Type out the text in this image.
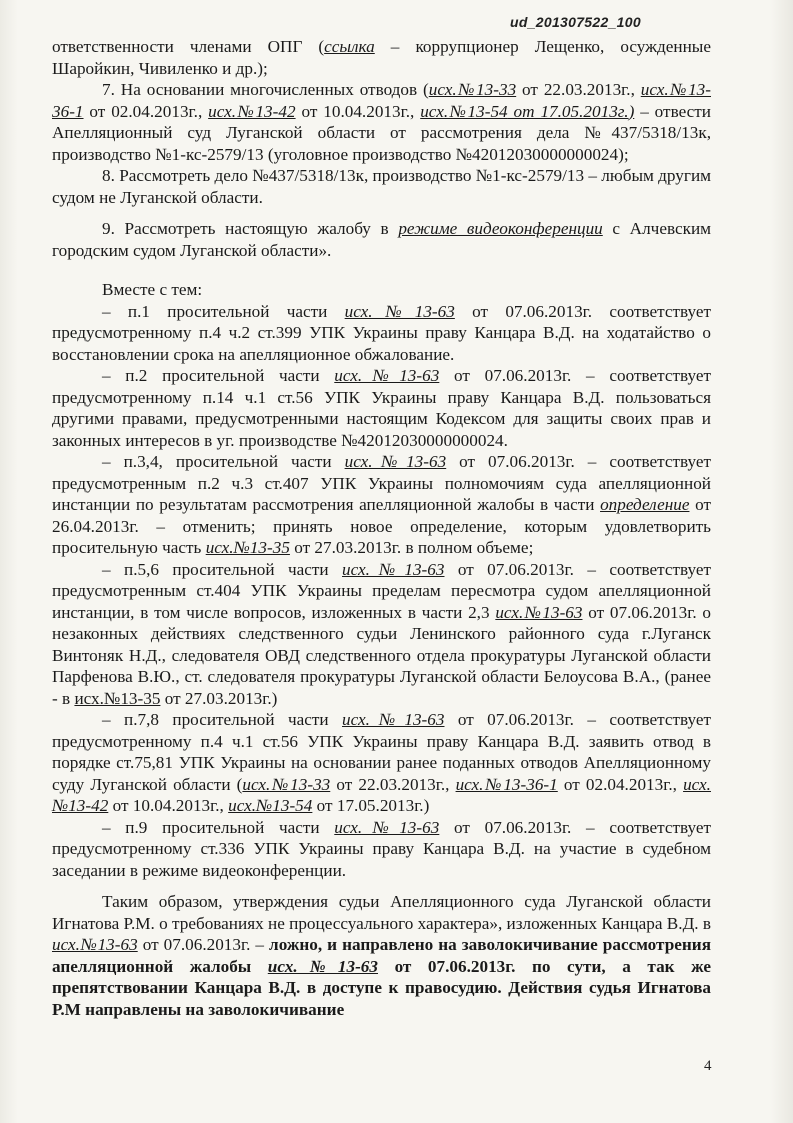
ud_201307522_100

ответственности членами ОПГ (ссылка – коррупционер Лещенко, осужденные Шаройкин, Чивиленко и др.);

7. На основании многочисленных отводов (исх.№13-33 от 22.03.2013г., исх.№13-36-1 от 02.04.2013г., исх.№13-42 от 10.04.2013г., исх.№13-54 от 17.05.2013г.) – отвести Апелляционный суд Луганской области от рассмотрения дела №437/5318/13к, производство №1-кс-2579/13 (уголовное производство №42012030000000024);

8. Рассмотреть дело №437/5318/13к, производство №1-кс-2579/13 – любым другим судом не Луганской области.

9. Рассмотреть настоящую жалобу в режиме видеоконференции с Алчевским городским судом Луганской области».

Вместе с тем:

– п.1 просительной части исх.№13-63 от 07.06.2013г. соответствует предусмотренному п.4 ч.2 ст.399 УПК Украины праву Канцара В.Д. на ходатайство о восстановлении срока на апелляционное обжалование.

– п.2 просительной части исх.№13-63 от 07.06.2013г. – соответствует предусмотренному п.14 ч.1 ст.56 УПК Украины праву Канцара В.Д. пользоваться другими правами, предусмотренными настоящим Кодексом для защиты своих прав и законных интересов в уг. производстве №42012030000000024.

– п.3,4, просительной части исх.№13-63 от 07.06.2013г. – соответствует предусмотренным п.2 ч.3 ст.407 УПК Украины полномочиям суда апелляционной инстанции по результатам рассмотрения апелляционной жалобы в части определение от 26.04.2013г. – отменить; принять новое определение, которым удовлетворить просительную часть исх.№13-35 от 27.03.2013г. в полном объеме;

– п.5,6 просительной части исх.№13-63 от 07.06.2013г. – соответствует предусмотренным ст.404 УПК Украины пределам пересмотра судом апелляционной инстанции, в том числе вопросов, изложенных в части 2,3 исх.№13-63 от 07.06.2013г. о незаконных действиях следственного судьи Ленинского районного суда г.Луганск Винтоняк Н.Д., следователя ОВД следственного отдела прокуратуры Луганской области Парфенова В.Ю., ст. следователя прокуратуры Луганской области Белоусова В.А., (ранее - в исх.№13-35 от 27.03.2013г.)

– п.7,8 просительной части исх.№13-63 от 07.06.2013г. – соответствует предусмотренному п.4 ч.1 ст.56 УПК Украины праву Канцара В.Д. заявить отвод в порядке ст.75,81 УПК Украины на основании ранее поданных отводов Апелляционному суду Луганской области (исх.№13-33 от 22.03.2013г., исх.№13-36-1 от 02.04.2013г., исх.№13-42 от 10.04.2013г., исх.№13-54 от 17.05.2013г.)

– п.9 просительной части исх.№13-63 от 07.06.2013г. – соответствует предусмотренному ст.336 УПК Украины праву Канцара В.Д. на участие в судебном заседании в режиме видеоконференции.

Таким образом, утверждения судьи Апелляционного суда Луганской области Игнатова Р.М. о требованиях не процессуального характера», изложенных Канцара В.Д. в исх.№13-63 от 07.06.2013г. – ложно, и направлено на заволокичивание рассмотрения апелляционной жалобы исх.№13-63 от 07.06.2013г. по сути, а так же препятствовании Канцара В.Д. в доступе к правосудию. Действия судья Игнатова Р.М направлены на заволокичивание

4
